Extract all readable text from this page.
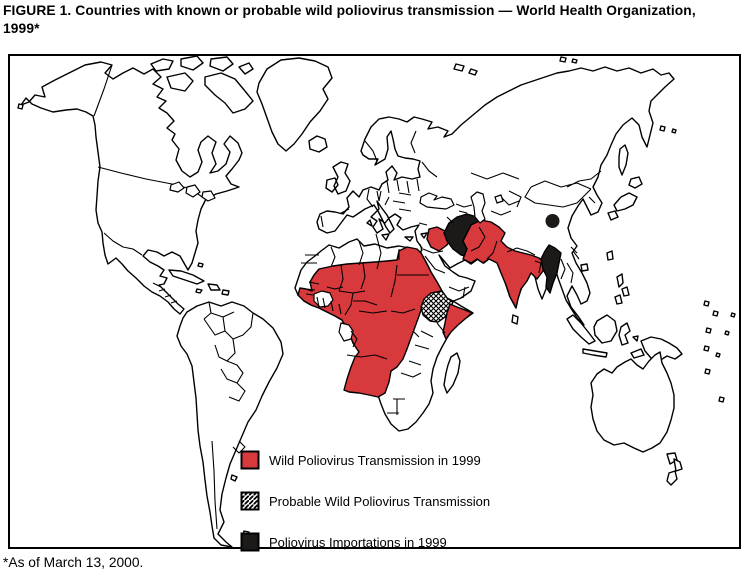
FIGURE 1. Countries with known or probable wild poliovirus transmission — World Health Organization, 1999*
Wild Poliovirus Transmission in 1999
Probable Wild Poliovirus Transmission
Poliovirus Importations in 1999
*As of March 13, 2000.
